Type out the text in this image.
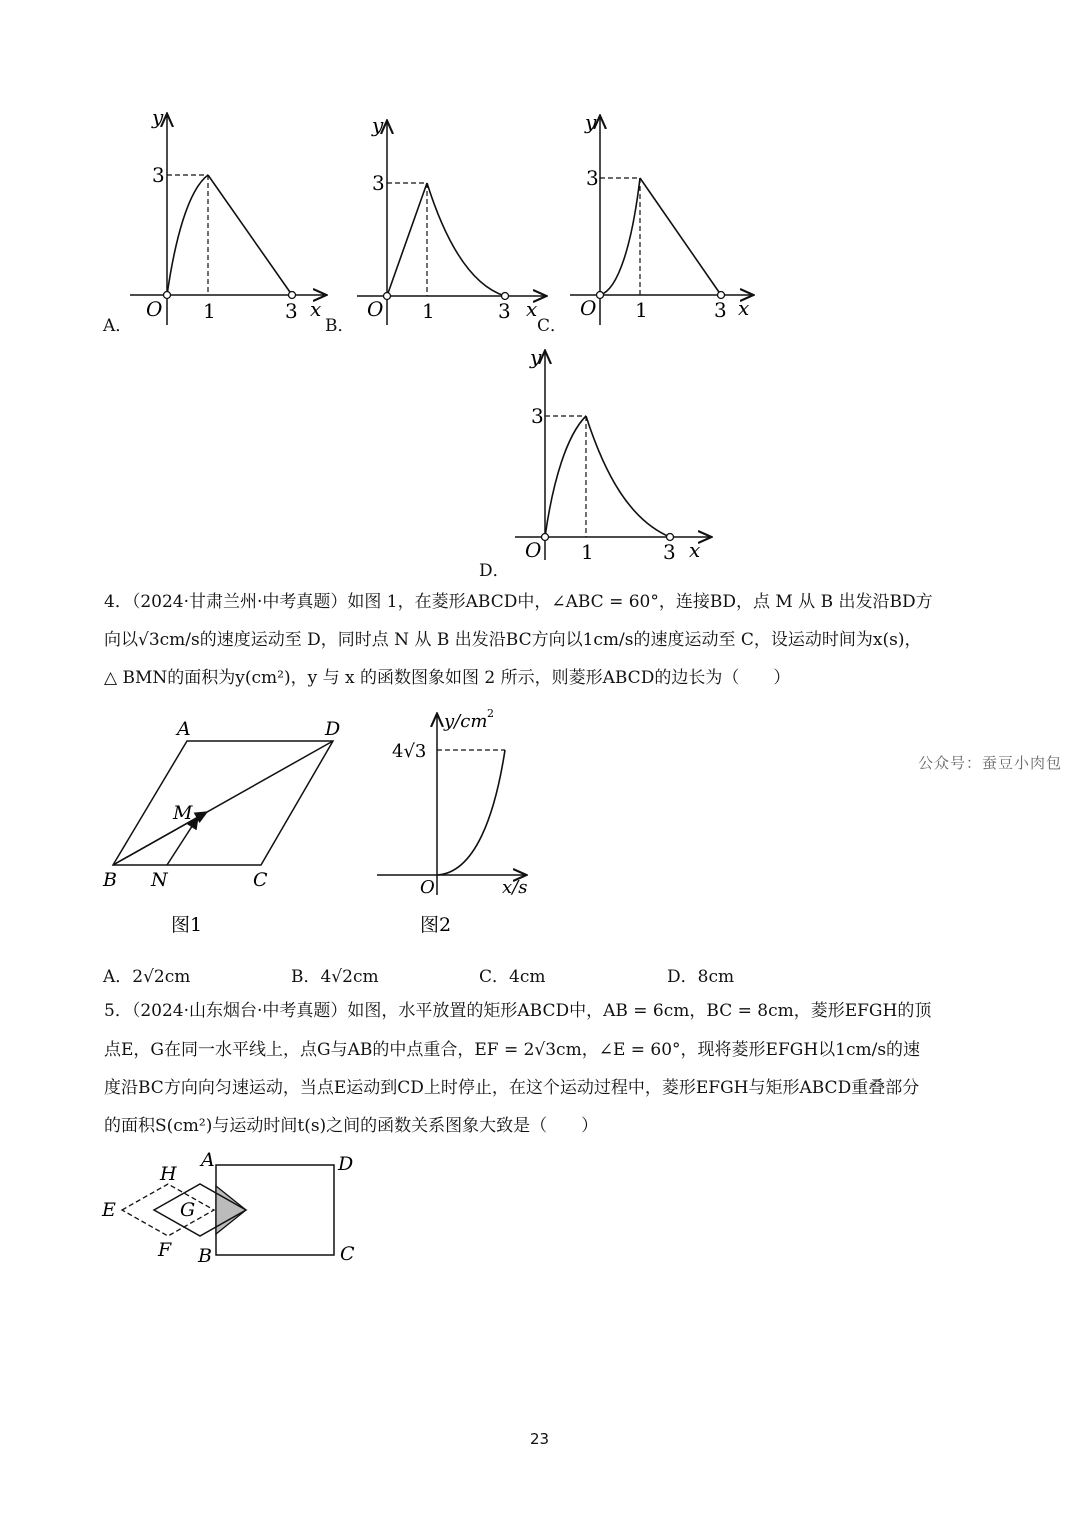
y
3
O 1	3 x
A．
y
3
O 1	3 x
B．
y
3
O 1	3 x
C．
y
3
O 1	3 x
D．
4．（2024·甘肃兰州·中考真题）如图 1，在菱形ABCD中，∠ABC = 60°，连接BD，点 M 从 B 出发沿BD方
向以√3cm/s的速度运动至 D，同时点 N 从 B 出发沿BC方向以1cm/s的速度运动至 C，设运动时间为x(s)，
△ BMN的面积为y(cm²)，y 与 x 的函数图象如图 2 所示，则菱形ABCD的边长为（　　）
A	D
M
B N	C
图1
y/cm 2
4√3
O	x/s
图2
公众号：蚕豆小肉包
A．2√2cm	B．4√2cm	C．4cm	D．8cm
5．（2024·山东烟台·中考真题）如图，水平放置的矩形ABCD中，AB = 6cm，BC = 8cm，菱形EFGH的顶
点E，G在同一水平线上，点G与AB的中点重合，EF = 2√3cm，∠E = 60°，现将菱形EFGH以1cm/s的速
度沿BC方向向匀速运动，当点E运动到CD上时停止，在这个运动过程中，菱形EFGH与矩形ABCD重叠部分
的面积S(cm²)与运动时间t(s)之间的函数关系图象大致是（　　）
H
A	D
E	G
F B	C
23
